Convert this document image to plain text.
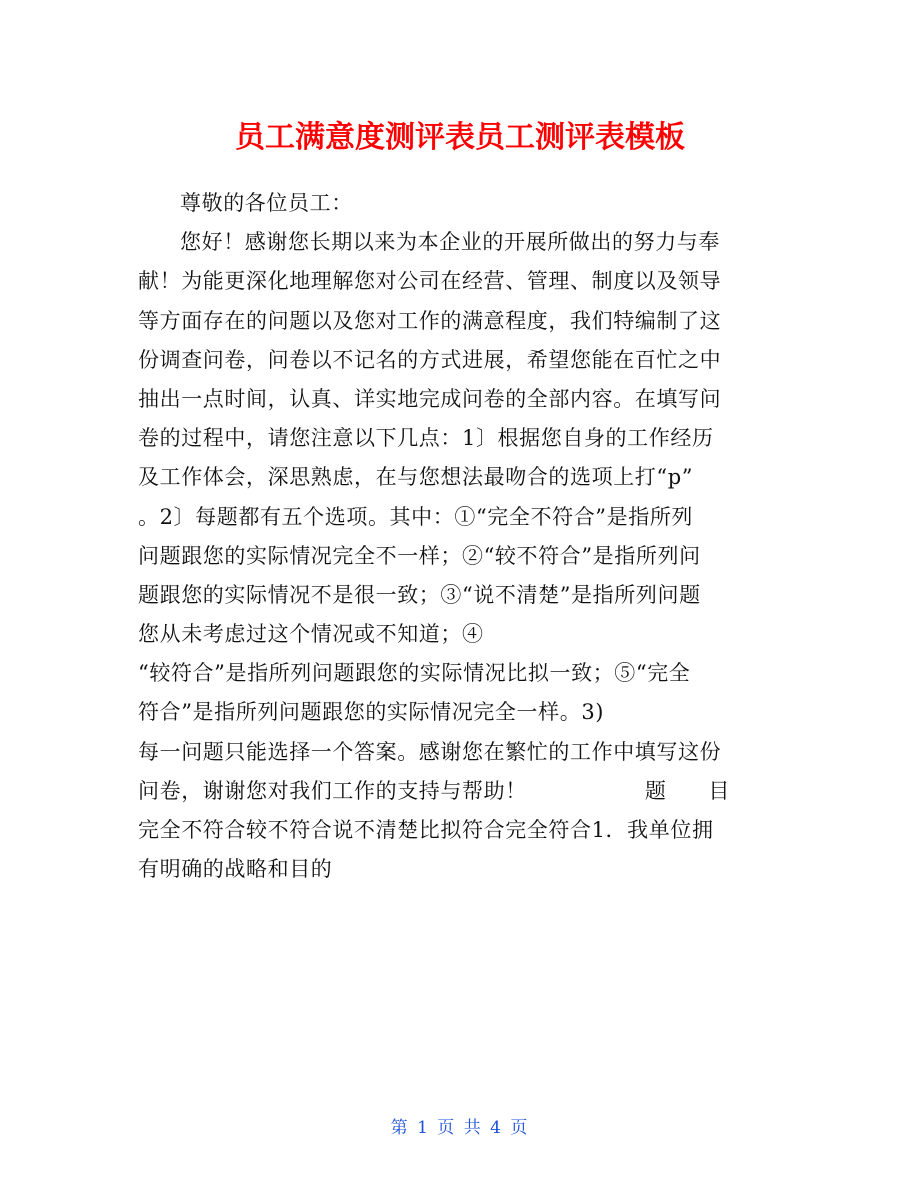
员工满意度测评表员工测评表模板
尊敬的各位员工：
您好！感谢您长期以来为本企业的开展所做出的努力与奉
献！为能更深化地理解您对公司在经营、管理、制度以及领导
等方面存在的问题以及您对工作的满意程度，我们特编制了这
份调查问卷，问卷以不记名的方式进展，希望您能在百忙之中
抽出一点时间，认真、详实地完成问卷的全部内容。在填写问
卷的过程中，请您注意以下几点：1〕根据您自身的工作经历
及工作体会，深思熟虑，在与您想法最吻合的选项上打“p”
。2〕每题都有五个选项。其中：①“完全不符合”是指所列
问题跟您的实际情况完全不一样；②“较不符合”是指所列问
题跟您的实际情况不是很一致；③“说不清楚”是指所列问题
您从未考虑过这个情况或不知道；④
“较符合”是指所列问题跟您的实际情况比拟一致；⑤“完全
符合”是指所列问题跟您的实际情况完全一样。3)
每一问题只能选择一个答案。感谢您在繁忙的工作中填写这份
问卷，谢谢您对我们工作的支持与帮助！	题 目
完全不符合较不符合说不清楚比拟符合完全符合1．我单位拥
有明确的战略和目的
第 1 页 共 4 页
